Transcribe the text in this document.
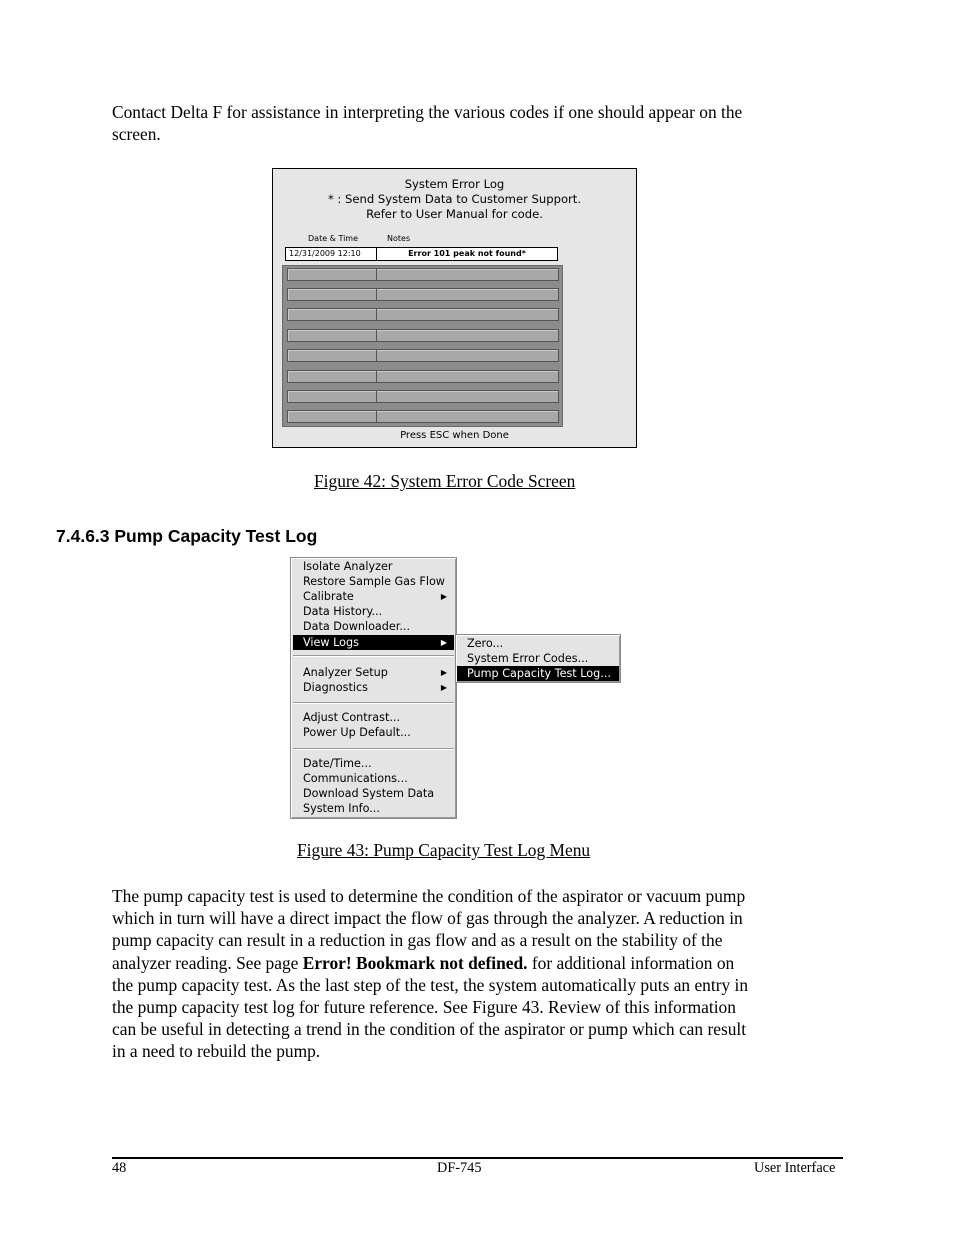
Contact Delta F for assistance in interpreting the various codes if one should appear on the
screen.
System Error Log
* : Send System Data to Customer Support.
Refer to User Manual for code.
Date & Time	Notes
12/31/2009 12:10	Error 101 peak not found*
Press ESC when Done
Figure 42: System Error Code Screen
7.4.6.3 Pump Capacity Test Log
Isolate Analyzer
Restore Sample Gas Flow
Calibrate	▶
Data History...
Data Downloader...
View Logs	▶
Analyzer Setup	▶
Diagnostics	▶
Adjust Contrast...
Power Up Default...
Date/Time...
Communications...
Download System Data
System Info...
Zero...
System Error Codes...
Pump Capacity Test Log...
Figure 43: Pump Capacity Test Log Menu
The pump capacity test is used to determine the condition of the aspirator or vacuum pump
which in turn will have a direct impact the flow of gas through the analyzer. A reduction in
pump capacity can result in a reduction in gas flow and as a result on the stability of the
analyzer reading. See page Error! Bookmark not defined. for additional information on
the pump capacity test. As the last step of the test, the system automatically puts an entry in
the pump capacity test log for future reference. See Figure 43. Review of this information
can be useful in detecting a trend in the condition of the aspirator or pump which can result
in a need to rebuild the pump.
48	DF-745	User Interface
